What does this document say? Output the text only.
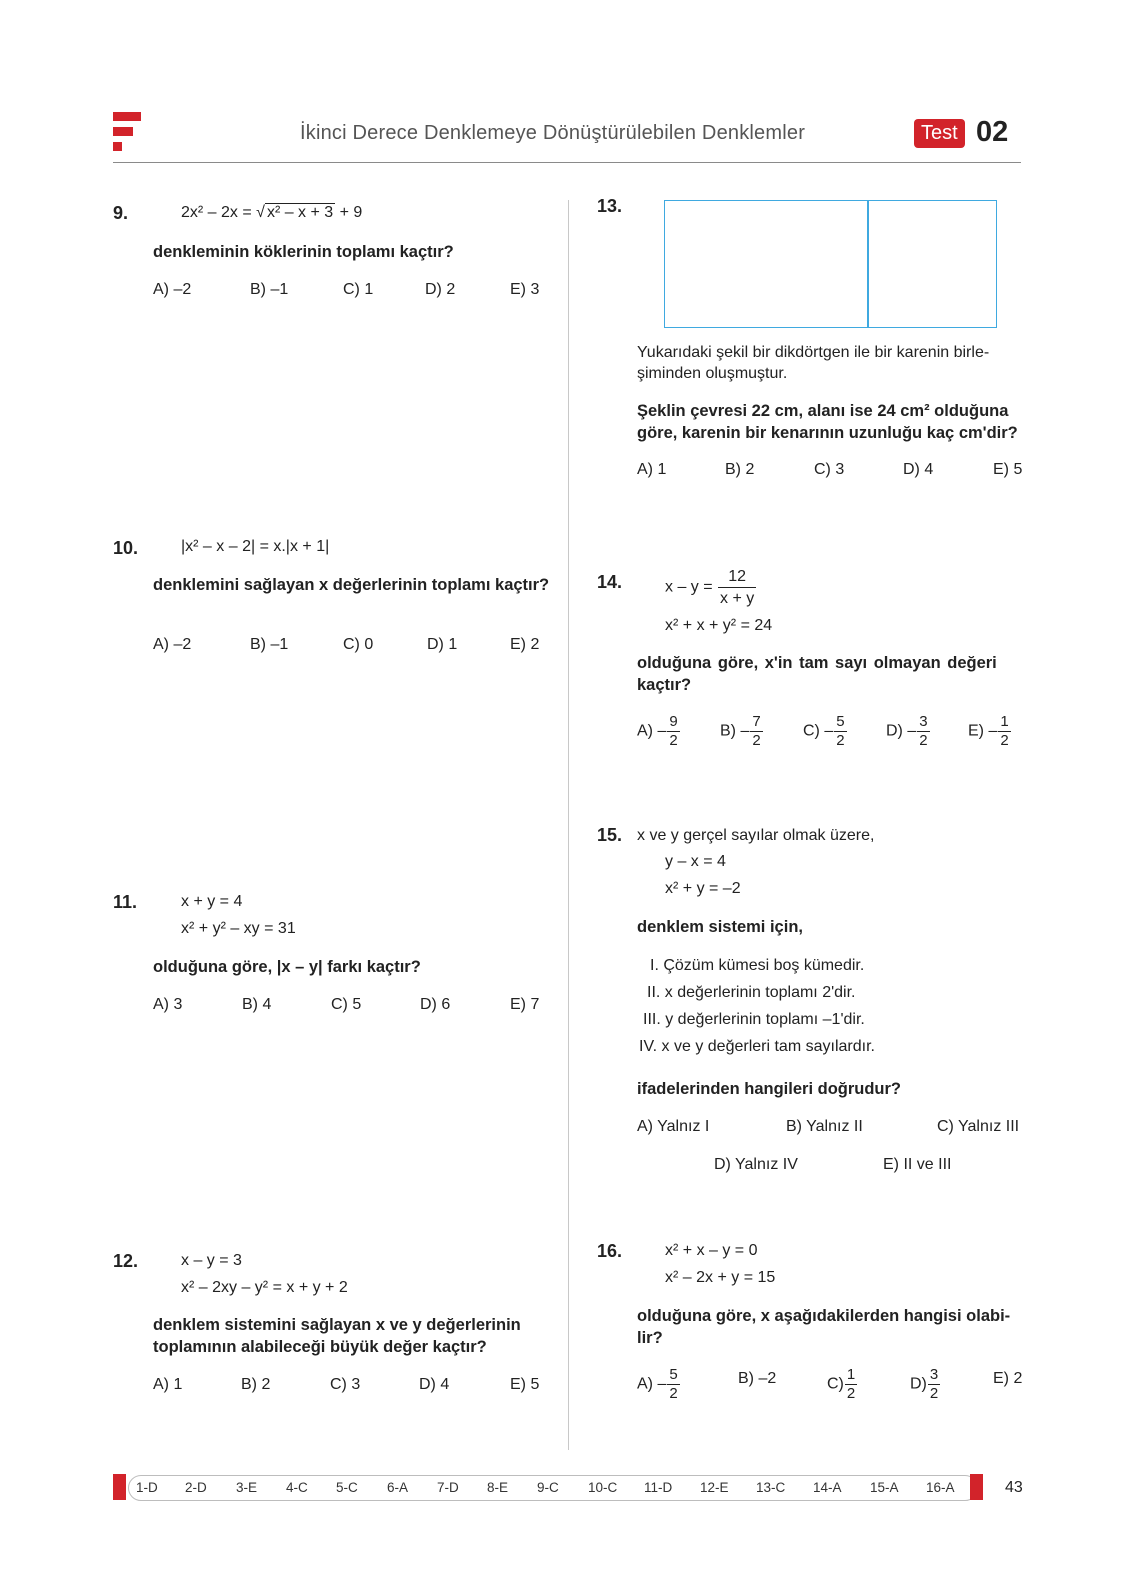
İkinci Derece Denklemeye Dönüştürülebilen Denklemler	Test 02
9.	2x² – 2x = √ x² – x + 3 + 9
denkleminin köklerinin toplamı kaçtır?
A) –2	B) –1	C) 1	D) 2	E) 3
10.	|x² – x – 2| = x.|x + 1|
denklemini sağlayan x değerlerinin toplamı kaçtır?
A) –2	B) –1	C) 0	D) 1	E) 2
11.	x + y = 4
x² + y² – xy = 31
olduğuna göre, |x – y| farkı kaçtır?
A) 3	B) 4	C) 5	D) 6	E) 7
12.	x – y = 3
x² – 2xy – y² = x + y + 2
denklem sistemini sağlayan x ve y değerlerinin
toplamının alabileceği büyük değer kaçtır?
A) 1	B) 2	C) 3	D) 4	E) 5
13.
Yukarıdaki şekil bir dikdörtgen ile bir karenin birle-
şiminden oluşmuştur.
Şeklin çevresi 22 cm, alanı ise 24 cm² olduğuna
göre, karenin bir kenarının uzunluğu kaç cm'dir?
A) 1	B) 2	C) 3	D) 4	E) 5
14.	$x - y = \frac{12}{x + y}$
x² + x + y² = 24
olduğuna göre, x'in tam sayı olmayan değeri
kaçtır?
$A) - \frac{9}{2}$	$B) - \frac{7}{2}$	$C) - \frac{5}{2} D) - \frac{3}{2} E) - \frac{1}{2}$
15. x ve y gerçel sayılar olmak üzere,
y – x = 4
x² + y = –2
denklem sistemi için,
I. Çözüm kümesi boş kümedir.
II. x değerlerinin toplamı 2'dir.
III. y değerlerinin toplamı –1'dir.
IV. x ve y değerleri tam sayılardır.
ifadelerinden hangileri doğrudur?
A) Yalnız I	B) Yalnız II	C) Yalnız III
D) Yalnız IV	E) II ve III
16.	x² + x – y = 0
x² – 2x + y = 15
olduğuna göre, x aşağıdakilerden hangisi olabi-
lir?
$A) - \frac{5}{2}$	B) –2	$C) \frac{1}{2}$	$D) \frac{3}{2}$	E) 2
1-D 2-D 3-E 4-C 5-C 6-A 7-D 8-E 9-C 10-C 11-D 12-E 13-C 14-A 15-A 16-A	43
